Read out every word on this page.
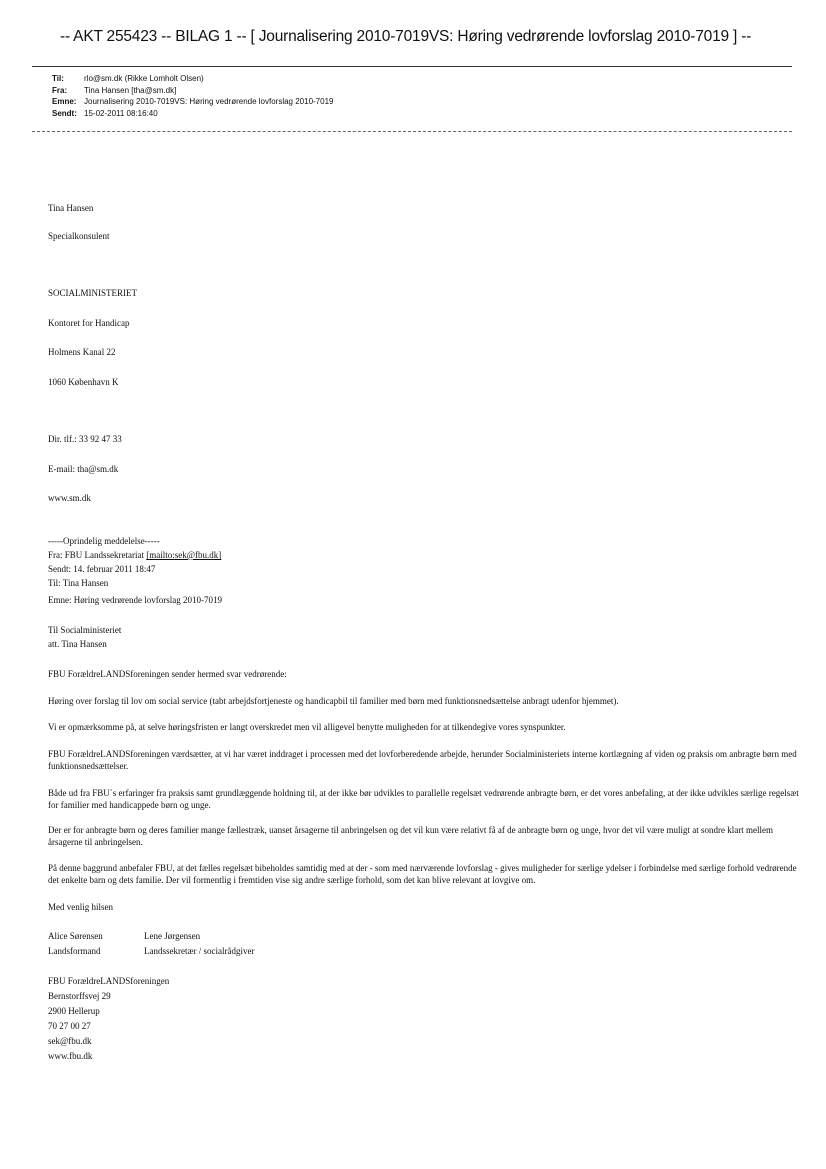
-- AKT 255423 -- BILAG 1 -- [ Journalisering 2010-7019VS: Høring vedrørende lovforslag 2010-7019 ] --
Til:	rlo@sm.dk (Rikke Lomholt Olsen)
Fra:	Tina Hansen [tha@sm.dk]
Emne: Journalisering 2010-7019VS: Høring vedrørende lovforslag 2010-7019
Sendt: 15-02-2011 08:16:40
Tina Hansen
Specialkonsulent
SOCIALMINISTERIET
Kontoret for Handicap
Holmens Kanal 22
1060 København K
Dir. tlf.: 33 92 47 33
E-mail: tha@sm.dk
www.sm.dk
-----Oprindelig meddelelse-----
Fra: FBU Landssekretariat [mailto:sek@fbu.dk]
Sendt: 14. februar 2011 18:47
Til: Tina Hansen
Emne: Høring vedrørende lovforslag 2010-7019
Til Socialministeriet
att. Tina Hansen
FBU ForældreLANDSforeningen sender hermed svar vedrørende:
Høring over forslag til lov om social service (tabt arbejdsfortjeneste og handicapbil til familier med børn med funktionsnedsættelse anbragt udenfor hjemmet).
Vi er opmærksomme på, at selve høringsfristen er langt overskredet men vil alligevel benytte muligheden for at tilkendegive vores synspunkter.
FBU ForældreLANDSforeningen værdsætter, at vi har været inddraget i processen med det lovforberedende arbejde, herunder Socialministeriets interne kortlægning af viden og praksis om anbragte børn med funktionsnedsættelser.
Både ud fra FBU´s erfaringer fra praksis samt grundlæggende holdning til, at der ikke bør udvikles to parallelle regelsæt vedrørende anbragte børn, er det vores anbefaling, at der ikke udvikles særlige regelsæt for familier med handicappede børn og unge.
Der er for anbragte børn og deres familier mange fællestræk, uanset årsagerne til anbringelsen og det vil kun være relativt få af de anbragte børn og unge, hvor det vil være muligt at sondre klart mellem årsagerne til anbringelsen.
På denne baggrund anbefaler FBU, at det fælles regelsæt bibeholdes samtidig med at der - som med nærværende lovforslag - gives muligheder for særlige ydelser i forbindelse med særlige forhold vedrørende det enkelte barn og dets familie. Der vil formentlig i fremtiden vise sig andre særlige forhold, som det kan blive relevant at lovgive om.
Med venlig hilsen
Alice Sørensen
Landsformand
Lene Jørgensen
Landssekretær / socialrådgiver
FBU ForældreLANDSforeningen
Bernstorffsvej 29
2900 Hellerup
70 27 00 27
sek@fbu.dk
www.fbu.dk
